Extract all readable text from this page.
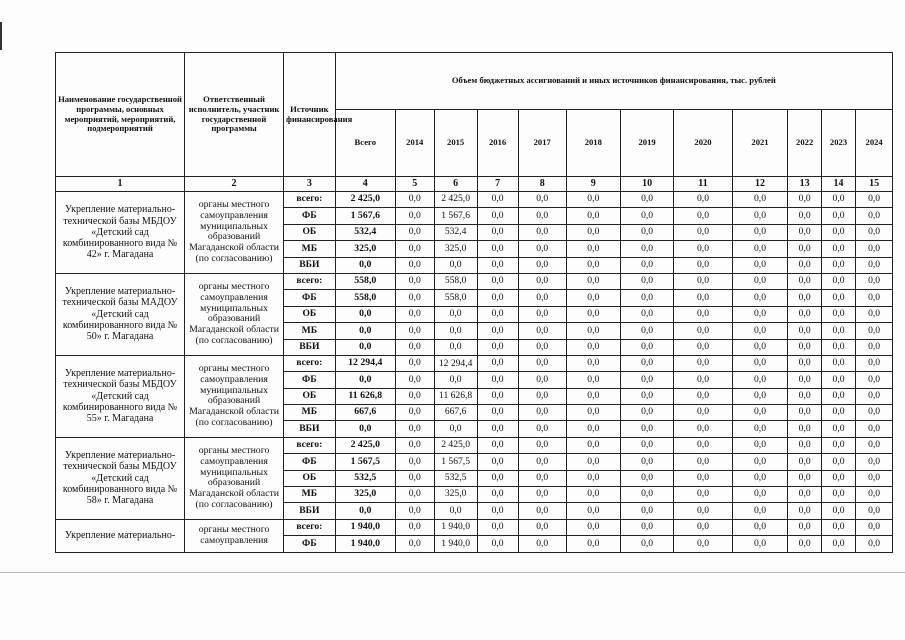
Наименование государственной программы, основных мероприятий, мероприятий, подмероприятий	Ответственный исполнитель, участник государственной программы	Источник финансирования	Объем бюджетных ассигнований и иных источников финансирования, тыс. рублей											
			Всего	2014	2015	2016	2017	2018	2019	2020	2021	2022	2023	2024
1	2	3	4	5	6	7	8	9	10	11	12	13	14	15
Укрепление материально-технической базы МБДОУ «Детский сад комбинированного вида № 42» г. Магадана	органы местного самоуправления муниципальных образований Магаданской области (по согласованию)	всего:	2 425,0	0,0	2 425,0	0,0	0,0	0,0	0,0	0,0	0,0	0,0	0,0	0,0
		ФБ	1 567,6	0,0	1 567,6	0,0	0,0	0,0	0,0	0,0	0,0	0,0	0,0	0,0
		ОБ	532,4	0,0	532,4	0,0	0,0	0,0	0,0	0,0	0,0	0,0	0,0	0,0
		МБ	325,0	0,0	325,0	0,0	0,0	0,0	0,0	0,0	0,0	0,0	0,0	0,0
		ВБИ	0,0	0,0	0,0	0,0	0,0	0,0	0,0	0,0	0,0	0,0	0,0	0,0
Укрепление материально-технической базы МАДОУ «Детский сад комбинированного вида № 50» г. Магадана	органы местного самоуправления муниципальных образований Магаданской области (по согласованию)	всего:	558,0	0,0	558,0	0,0	0,0	0,0	0,0	0,0	0,0	0,0	0,0	0,0
		ФБ	558,0	0,0	558,0	0,0	0,0	0,0	0,0	0,0	0,0	0,0	0,0	0,0
		ОБ	0,0	0,0	0,0	0,0	0,0	0,0	0,0	0,0	0,0	0,0	0,0	0,0
		МБ	0,0	0,0	0,0	0,0	0,0	0,0	0,0	0,0	0,0	0,0	0,0	0,0
		ВБИ	0,0	0,0	0,0	0,0	0,0	0,0	0,0	0,0	0,0	0,0	0,0	0,0
Укрепление материально-технической базы МБДОУ «Детский сад комбинированного вида № 55» г. Магадана	органы местного самоуправления муниципальных образований Магаданской области (по согласованию)	всего:	12 294,4	0,0	12 294,4	0,0	0,0	0,0	0,0	0,0	0,0	0,0	0,0	0,0
		ФБ	0,0	0,0	0,0	0,0	0,0	0,0	0,0	0,0	0,0	0,0	0,0	0,0
		ОБ	11 626,8	0,0	11 626,8	0,0	0,0	0,0	0,0	0,0	0,0	0,0	0,0	0,0
		МБ	667,6	0,0	667,6	0,0	0,0	0,0	0,0	0,0	0,0	0,0	0,0	0,0
		ВБИ	0,0	0,0	0,0	0,0	0,0	0,0	0,0	0,0	0,0	0,0	0,0	0,0
Укрепление материально-технической базы МБДОУ «Детский сад комбинированного вида № 58» г. Магадана	органы местного самоуправления муниципальных образований Магаданской области (по согласованию)	всего:	2 425,0	0,0	2 425,0	0,0	0,0	0,0	0,0	0,0	0,0	0,0	0,0	0,0
		ФБ	1 567,5	0,0	1 567,5	0,0	0,0	0,0	0,0	0,0	0,0	0,0	0,0	0,0
		ОБ	532,5	0,0	532,5	0,0	0,0	0,0	0,0	0,0	0,0	0,0	0,0	0,0
		МБ	325,0	0,0	325,0	0,0	0,0	0,0	0,0	0,0	0,0	0,0	0,0	0,0
		ВБИ	0,0	0,0	0,0	0,0	0,0	0,0	0,0	0,0	0,0	0,0	0,0	0,0
Укрепление материально-	органы местного самоуправления	всего:	1 940,0	0,0	1 940,0	0,0	0,0	0,0	0,0	0,0	0,0	0,0	0,0	0,0
		ФБ	1 940,0	0,0	1 940,0	0,0	0,0	0,0	0,0	0,0	0,0	0,0	0,0	0,0
